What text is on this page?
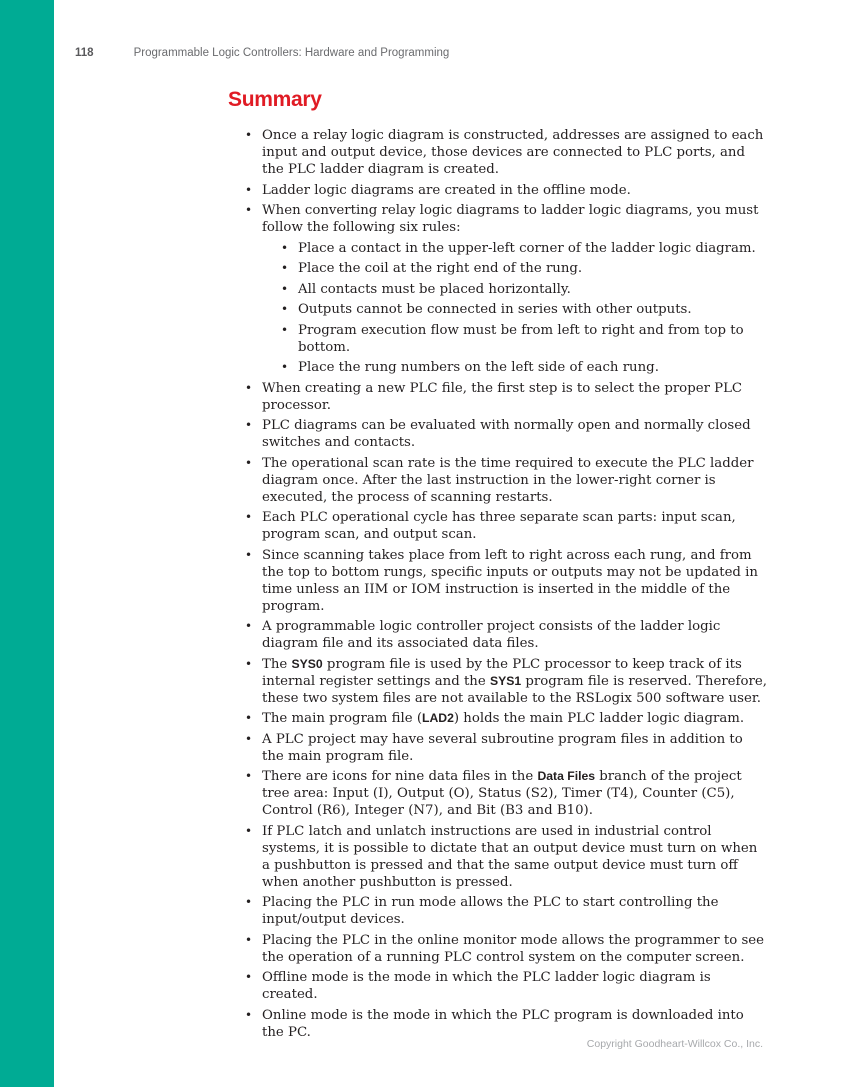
118	Programmable Logic Controllers: Hardware and Programming
Summary
• Once a relay logic diagram is constructed, addresses are assigned to each input and output device, those devices are connected to PLC ports, and the PLC ladder diagram is created.
• Ladder logic diagrams are created in the offline mode.
• When converting relay logic diagrams to ladder logic diagrams, you must follow the following six rules:
• Place a contact in the upper-left corner of the ladder logic diagram.
• Place the coil at the right end of the rung.
• All contacts must be placed horizontally.
• Outputs cannot be connected in series with other outputs.
• Program execution flow must be from left to right and from top to bottom.
• Place the rung numbers on the left side of each rung.
• When creating a new PLC file, the first step is to select the proper PLC processor.
• PLC diagrams can be evaluated with normally open and normally closed switches and contacts.
• The operational scan rate is the time required to execute the PLC ladder diagram once. After the last instruction in the lower-right corner is executed, the process of scanning restarts.
• Each PLC operational cycle has three separate scan parts: input scan, program scan, and output scan.
• Since scanning takes place from left to right across each rung, and from the top to bottom rungs, specific inputs or outputs may not be updated in time unless an IIM or IOM instruction is inserted in the middle of the program.
• A programmable logic controller project consists of the ladder logic diagram file and its associated data files.
• The SYS0 program file is used by the PLC processor to keep track of its internal register settings and the SYS1 program file is reserved. Therefore, these two system files are not available to the RSLogix 500 software user.
• The main program file (LAD2) holds the main PLC ladder logic diagram.
• A PLC project may have several subroutine program files in addition to the main program file.
• There are icons for nine data files in the Data Files branch of the project tree area: Input (I), Output (O), Status (S2), Timer (T4), Counter (C5), Control (R6), Integer (N7), and Bit (B3 and B10).
• If PLC latch and unlatch instructions are used in industrial control systems, it is possible to dictate that an output device must turn on when a pushbutton is pressed and that the same output device must turn off when another pushbutton is pressed.
• Placing the PLC in run mode allows the PLC to start controlling the input/output devices.
• Placing the PLC in the online monitor mode allows the programmer to see the operation of a running PLC control system on the computer screen.
• Offline mode is the mode in which the PLC ladder logic diagram is created.
• Online mode is the mode in which the PLC program is downloaded into the PC.
Copyright Goodheart-Willcox Co., Inc.
